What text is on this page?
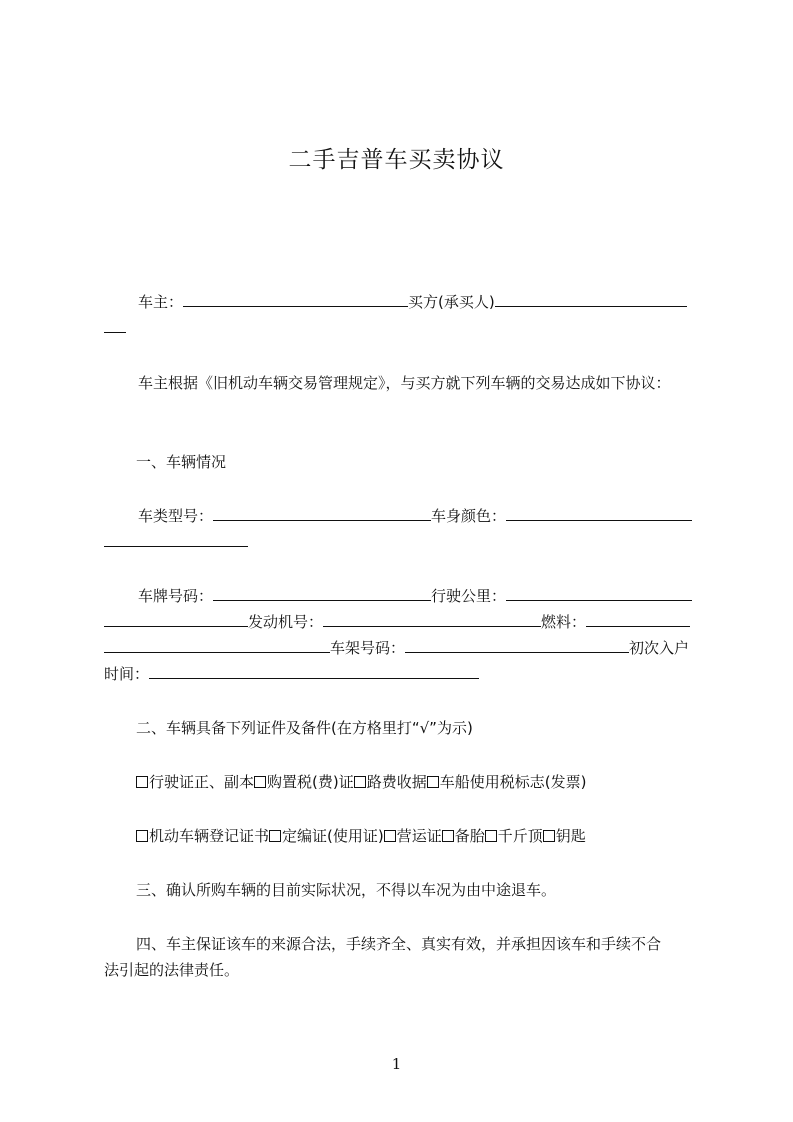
二手吉普车买卖协议
车主：	买方(承买人)
车主根据《旧机动车辆交易管理规定》，与买方就下列车辆的交易达成如下协议：
一、车辆情况
车类型号：	车身颜色：
车牌号码：	行驶公里：
发动机号：	燃料：
车架号码：	初次入户
时间：
二、车辆具备下列证件及备件(在方格里打“√”为示)
行驶证正、副本 购置税(费)证 路费收据 车船使用税标志(发票)
机动车辆登记证书 定编证(使用证) 营运证 备胎 千斤顶 钥匙
三、确认所购车辆的目前实际状况，不得以车况为由中途退车。
四、车主保证该车的来源合法，手续齐全、真实有效，并承担因该车和手续不合
法引起的法律责任。
1
